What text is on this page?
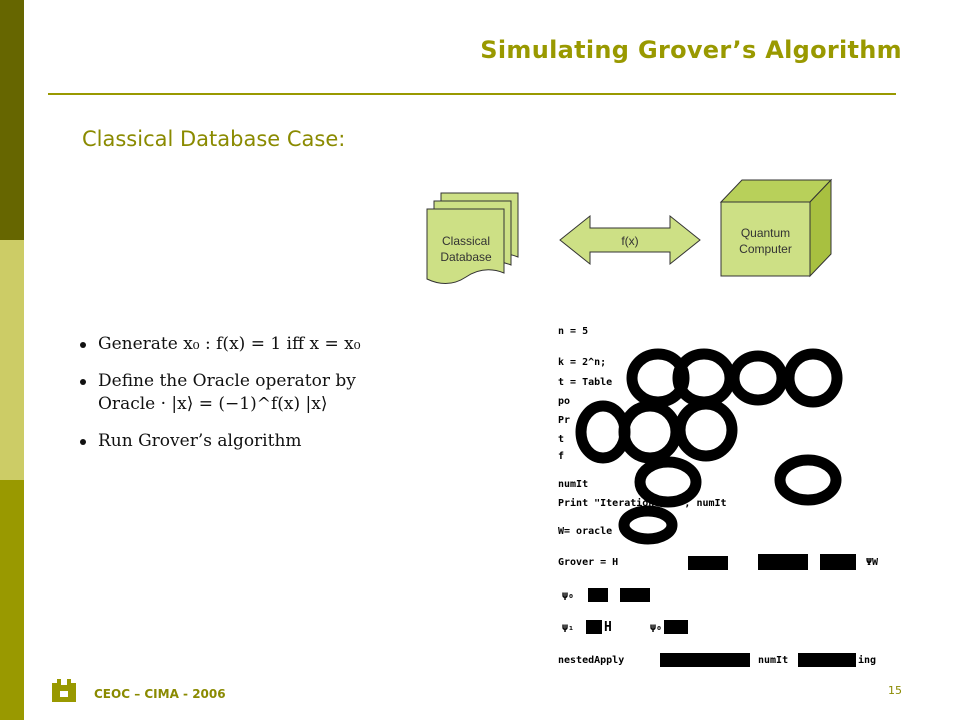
Simulating Grover’s Algorithm
Classical Database Case:
Classical
Database
f(x)
Quantum
Computer
Generate x₀ : f(x) = 1 iff x = x₀
Define the Oracle operator by
Oracle · |x⟩ = (−1)^f(x) |x⟩
Run Grover’s algorithm
n = 5
k = 2^n;
t = Table
po
Pr
t
f
numIt
Print "Iterations = ", numIt
W= oracle
Grover = H	ΨW
ψ₀
ψ₁ H	ψ₀
nestedApply	numIt	ing
CEOC – CIMA - 2006	15
